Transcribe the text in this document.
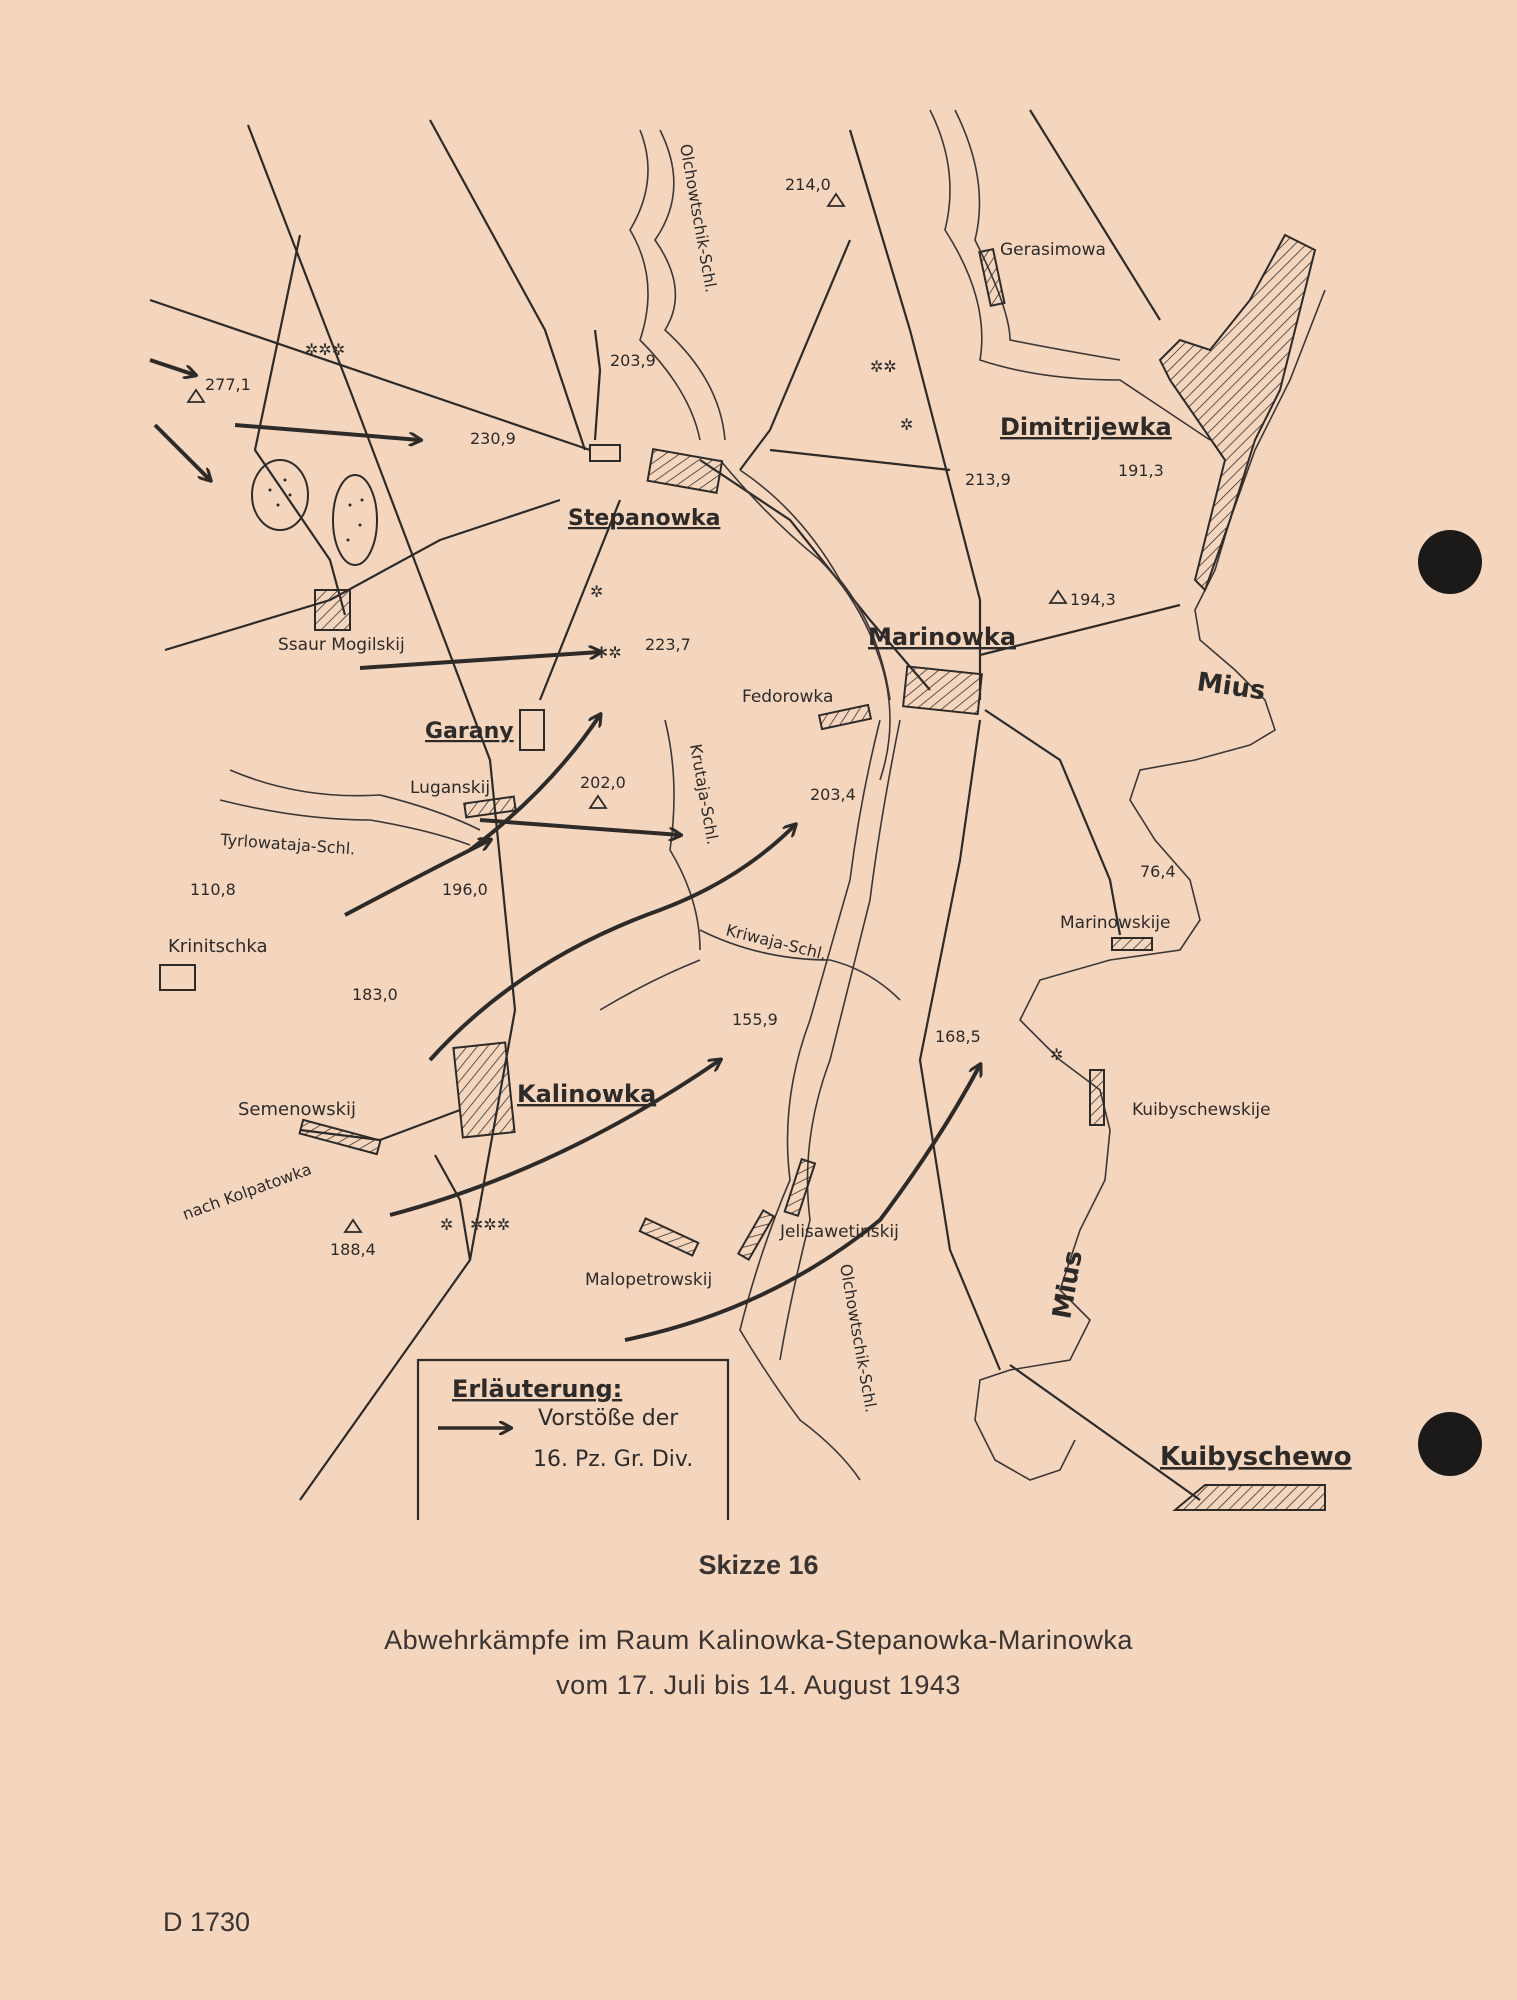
✲✲✲
✲✲
✲
✲
✲✲
✲
✲ ✲✲✲
Stepanowka
Dimitrijewka
Marinowka
Fedorowka
Garany
Luganskij
Ssaur Mogilskij
Gerasimowa
Krinitschka
Kalinowka
Semenowskij
nach Kolpatowka
Marinowskije
Kuibyschewskije
Jelisawetinskij
Malopetrowskij
Kuibyschewo
Mius
Mius
Olchowtschik-Schl.
Olchowtschik-Schl.
Krutaja-Schl.
Tyrlowataja-Schl.
Kriwaja-Schl.
277,1
230,9
203,9
214,0
213,9	191,3
194,3
223,7
202,0
203,4
110,8	196,0
183,0
76,4
155,9
168,5
188,4
Erläuterung:
Vorstöße der
16. Pz. Gr. Div.
Skizze 16
Abwehrkämpfe im Raum Kalinowka-Stepanowka-Marinowka
vom 17. Juli bis 14. August 1943
D 1730
